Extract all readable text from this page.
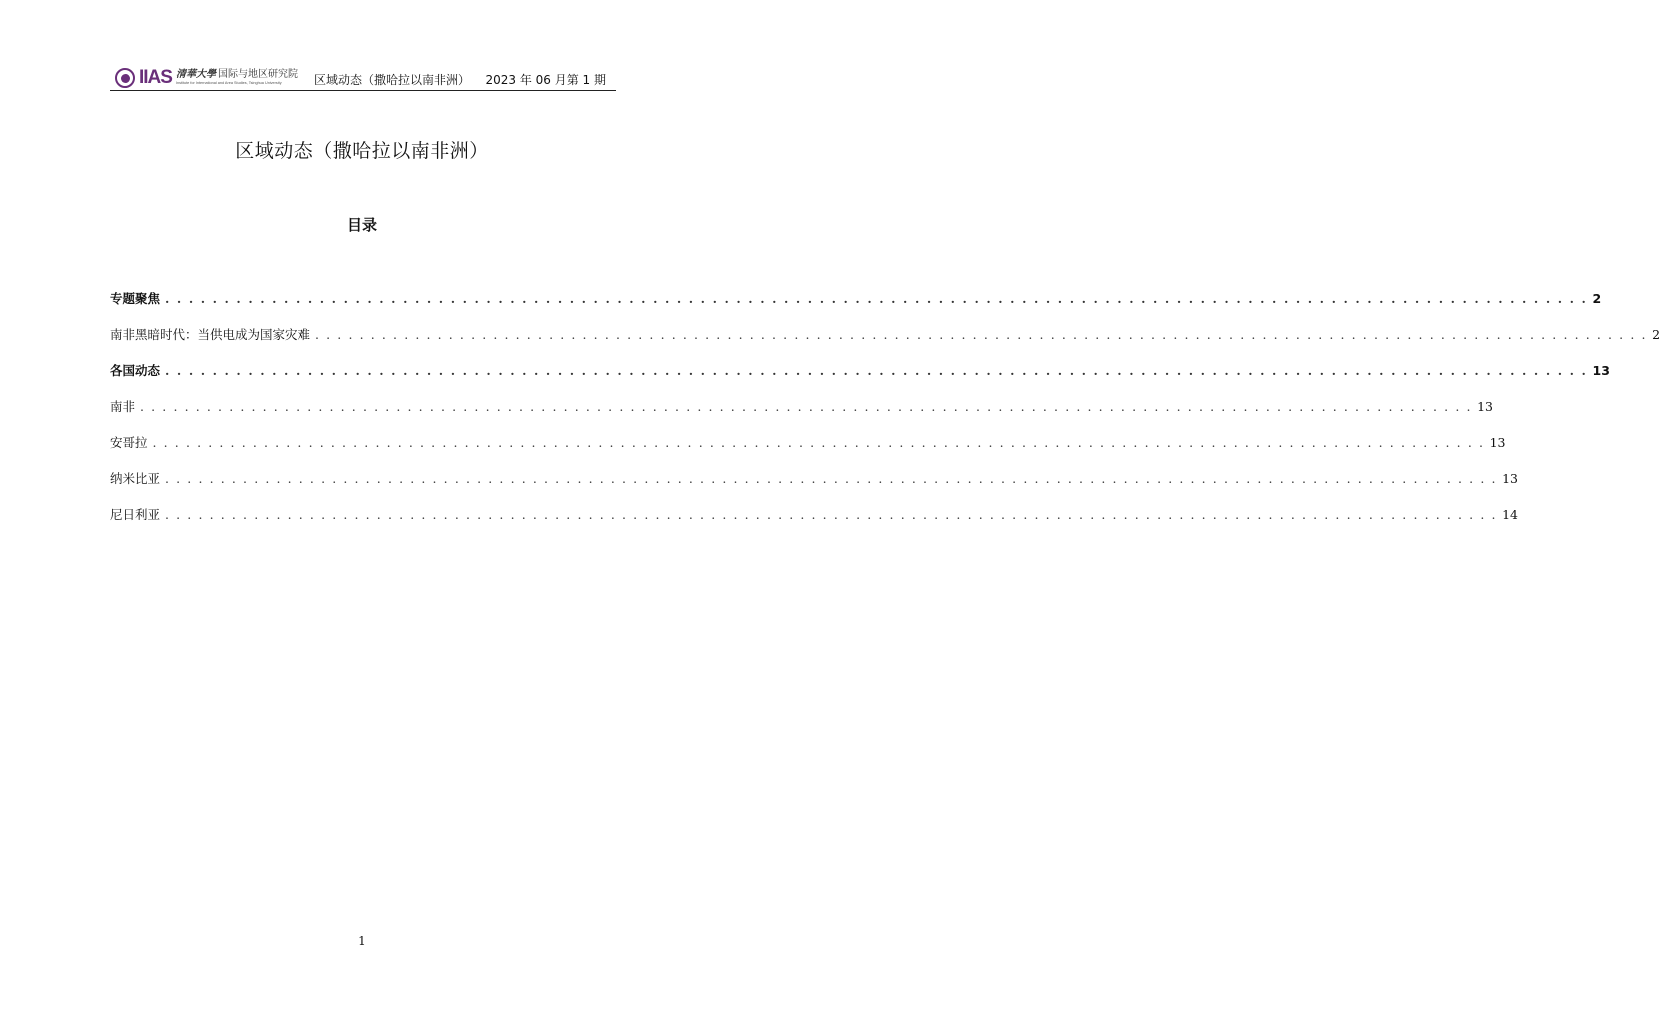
IIAS 清華大學 国际与地区研究院
Institute for International and Area Studies, Tsinghua University	区域动态（撒哈拉以南非洲） 2023 年 06 月第 1 期
区域动态（撒哈拉以南非洲）
目录
专题聚焦 . . . . . . . . . . . . . . . . . . . . . . . . . . . . . . . . . . . . . . . . . . . . . . . . . . . . . . . . . . . . . . . . . . . . . . . . . . . . . . . . . . . . . . . . . . . . . . . . . . . . . . . . . . . . . . . . . . . . . . . . 2
南非黑暗时代：当供电成为国家灾难 . . . . . . . . . . . . . . . . . . . . . . . . . . . . . . . . . . . . . . . . . . . . . . . . . . . . . . . . . . . . . . . . . . . . . . . . . . . . . . . . . . . . . . . . . . . . . . . . . . . . . . . . . . . . . . . . . . . . . . . . 2
各国动态 . . . . . . . . . . . . . . . . . . . . . . . . . . . . . . . . . . . . . . . . . . . . . . . . . . . . . . . . . . . . . . . . . . . . . . . . . . . . . . . . . . . . . . . . . . . . . . . . . . . . . . . . . . . . . . . . . . . . . . . . 13
南非 . . . . . . . . . . . . . . . . . . . . . . . . . . . . . . . . . . . . . . . . . . . . . . . . . . . . . . . . . . . . . . . . . . . . . . . . . . . . . . . . . . . . . . . . . . . . . . . . . . . . . . . . . . . . . . . . . . . . . . . . 13
安哥拉 . . . . . . . . . . . . . . . . . . . . . . . . . . . . . . . . . . . . . . . . . . . . . . . . . . . . . . . . . . . . . . . . . . . . . . . . . . . . . . . . . . . . . . . . . . . . . . . . . . . . . . . . . . . . . . . . . . . . . . . . 13
纳米比亚 . . . . . . . . . . . . . . . . . . . . . . . . . . . . . . . . . . . . . . . . . . . . . . . . . . . . . . . . . . . . . . . . . . . . . . . . . . . . . . . . . . . . . . . . . . . . . . . . . . . . . . . . . . . . . . . . . . . . . . . . 13
尼日利亚 . . . . . . . . . . . . . . . . . . . . . . . . . . . . . . . . . . . . . . . . . . . . . . . . . . . . . . . . . . . . . . . . . . . . . . . . . . . . . . . . . . . . . . . . . . . . . . . . . . . . . . . . . . . . . . . . . . . . . . . . 14
1
